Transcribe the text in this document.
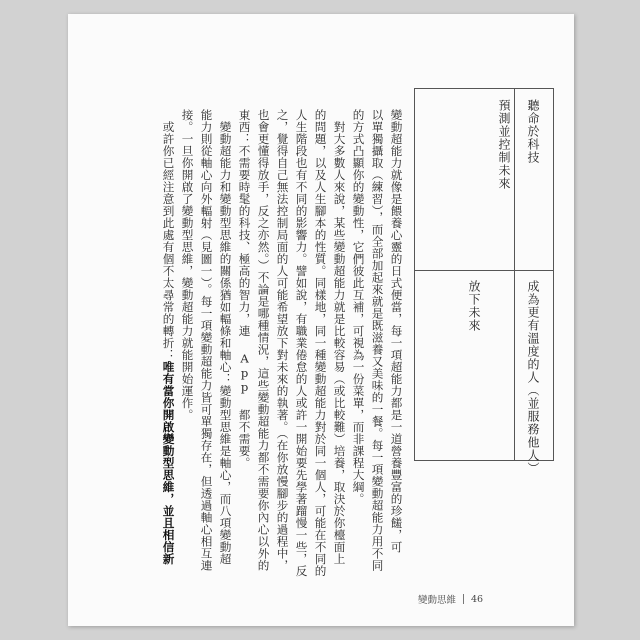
聽命於科技

預測並控制未來

成為更有溫度的人（並服務他人）

放下未來

變動超能力就像是餵養心靈的日式便當，每一項超能力都是一道營養豐富的珍饈，可

以單獨攝取（練習），而全部加起來就是既滋養又美味的一餐。每一項變動超能力用不同

的方式凸顯你的變動性，它們彼此互補，可視為一份菜單，而非課程大綱。

對大多數人來說，某些變動超能力就是比較容易（或比較難）培養，取決於你檯面上

的問題，以及人生腳本的性質。同樣地，同一種變動超能力對於同一個人，可能在不同的

人生階段也有不同的影響力。譬如說，有職業倦怠的人或許一開始要先學著蹓慢一些，反

之，覺得自己無法控制局面的人可能希望放下對未來的執著。（在你放慢腳步的過程中，

也會更懂得放手，反之亦然。）不論是哪種情況，這些變動超能力都不需要你內心以外的

東西：不需要時髦的科技、極高的智力，連 App 都不需要。

變動超能力和變動型思維的關係猶如輻條和軸心：變動型思維是軸心，而八項變動超

能力則從軸心向外輻射（見圖一）。每一項變動超能力皆可單獨存在，但透過軸心相互連

接。一旦你開啟了變動型思維，變動超能力就能開始運作。

或許你已經注意到此處有個不太尋常的轉折：唯有當你開啟變動型思維，並且相信新
變動思維 46
